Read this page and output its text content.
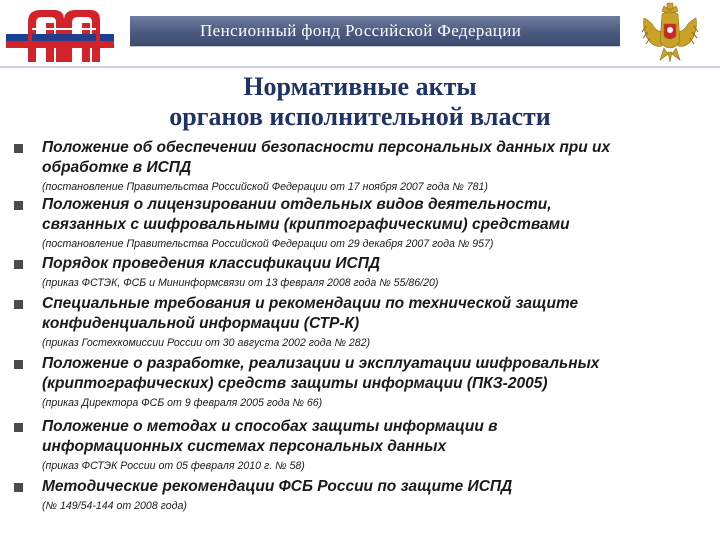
Пенсионный фонд Российской Федерации
Нормативные акты
органов исполнительной власти
Положение об обеспечении безопасности персональных данных при их
обработке в ИСПД
(постановление Правительства Российской Федерации от 17 ноября 2007 года № 781)
Положения о лицензировании отдельных видов деятельности,
связанных с шифровальными (криптографическими) средствами
(постановление Правительства Российской Федерации от 29 декабря 2007 года № 957)
Порядок проведения классификации ИСПД
(приказ ФСТЭК, ФСБ и Мининформсвязи от 13 февраля 2008 года № 55/86/20)
Специальные требования и рекомендации по технической защите
конфиденциальной информации (СТР-К)
(приказ Гостехкомиссии России от 30 августа 2002 года № 282)
Положение о разработке, реализации и эксплуатации шифровальных
(криптографических) средств защиты информации (ПКЗ-2005)
(приказ Директора ФСБ от 9 февраля 2005 года № 66)
Положение о методах и способах защиты информации в
информационных системах персональных данных
(приказ ФСТЭК России от 05 февраля 2010 г. № 58)
Методические рекомендации ФСБ России по защите ИСПД
(№ 149/54-144 от 2008 года)
